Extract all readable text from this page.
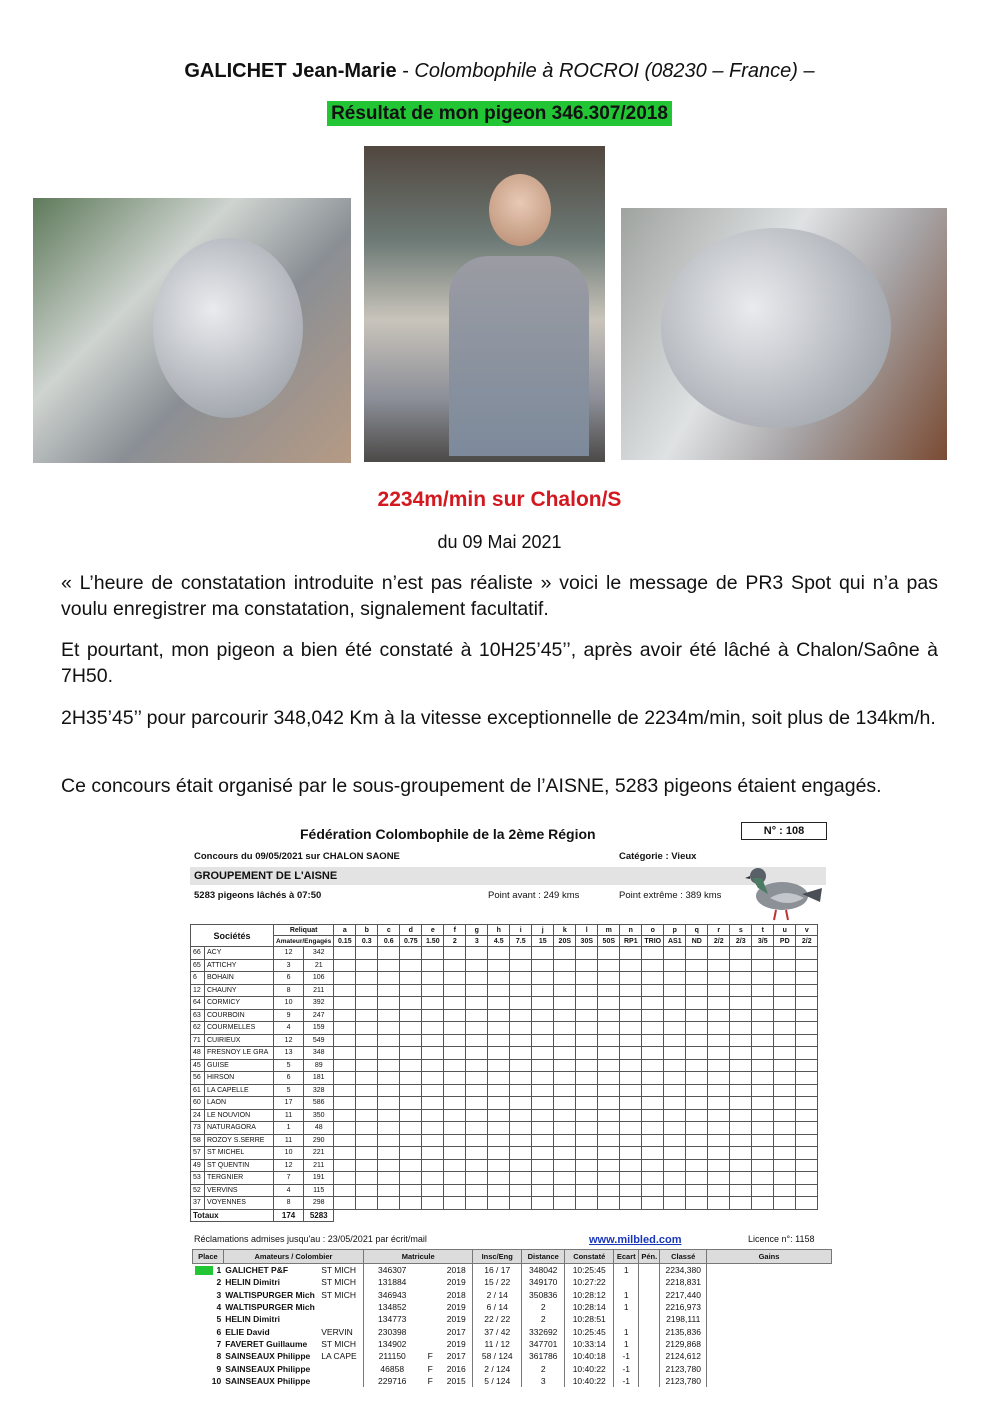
GALICHET Jean-Marie - Colombophile à ROCROI (08230 – France) –
Résultat de mon pigeon 346.307/2018
2234m/min sur Chalon/S
du 09 Mai 2021
« L’heure de constatation introduite n’est pas réaliste » voici le message de PR3 Spot qui n’a pas voulu enregistrer ma constatation, signalement facultatif.
Et pourtant, mon pigeon a bien été constaté à 10H25’45’’, après avoir été lâché à Chalon/Saône à 7H50.
2H35’45’’ pour parcourir 348,042 Km à la vitesse exceptionnelle de 2234m/min, soit plus de 134km/h.
Ce concours était organisé par le sous-groupement de l’AISNE, 5283 pigeons étaient engagés.
Fédération Colombophile de la 2ème Région	N° : 108
Concours du 09/05/2021 sur CHALON SAONE	Catégorie : Vieux
GROUPEMENT DE L'AISNE
5283 pigeons lâchés à 07:50	Point avant : 249 kms	Point extrême : 389 kms
Sociétés		Reliquat		a	b	c	d	e	f	g	h	i	j	k	l	m	n	o	p	q	r	s	t	u	v
		Amateur/Engagés		0.15	0.3	0.6	0.75	1.50	2	3	4.5	7.5	15	20S	30S	50S	RP1	TRIO	AS1	ND	2/2	2/3	3/5	PD	2/2
66	ACY	12	342																						
65	ATTICHY	3	21																						
6	BOHAIN	6	106																						
12	CHAUNY	8	211																						
64	CORMICY	10	392																						
63	COURBOIN	9	247																						
62	COURMELLES	4	159																						
71	CUIRIEUX	12	549																						
48	FRESNOY LE GRA	13	348																						
45	GUISE	5	89																						
56	HIRSON	6	181																						
61	LA CAPELLE	5	328																						
60	LAON	17	586																						
24	LE NOUVION	11	350																						
73	NATURAGORA	1	48																						
58	ROZOY S.SERRE	11	290																						
57	ST MICHEL	10	221																						
49	ST QUENTIN	12	211																						
53	TERGNIER	7	191																						
52	VERVINS	4	115																						
37	VOYENNES	8	298																						
Totaux		174	5283																						
Réclamations admises jusqu'au : 23/05/2021 par écrit/mail	www.milbled.com	Licence n°: 1158
Place	Amateurs / Colombier		Matricule			Insc/Eng	Distance	Constaté	Ecart	Pén.	Classé	Gains
1	GALICHET P&F	ST MICH	346307		2018	16 / 17	348042	10:25:45	1		2234,380	
2	HELIN Dimitri	ST MICH	131884		2019	15 / 22	349170	10:27:22			2218,831	
3	WALTISPURGER Mich	ST MICH	346943		2018	2 / 14	350836	10:28:12	1		2217,440	
4	WALTISPURGER Mich		134852		2019	6 / 14	2	10:28:14	1		2216,973	
5	HELIN Dimitri		134773		2019	22 / 22	2	10:28:51			2198,111	
6	ELIE David	VERVIN	230398		2017	37 / 42	332692	10:25:45	1		2135,836	
7	FAVERET Guillaume	ST MICH	134902		2019	11 / 12	347701	10:33:14	1		2129,868	
8	SAINSEAUX Philippe	LA CAPE	211150	F	2017	58 / 124	361786	10:40:18	-1		2124,612	
9	SAINSEAUX Philippe		46858	F	2016	2 / 124	2	10:40:22	-1		2123,780	
10	SAINSEAUX Philippe		229716	F	2015	5 / 124	3	10:40:22	-1		2123,780	
